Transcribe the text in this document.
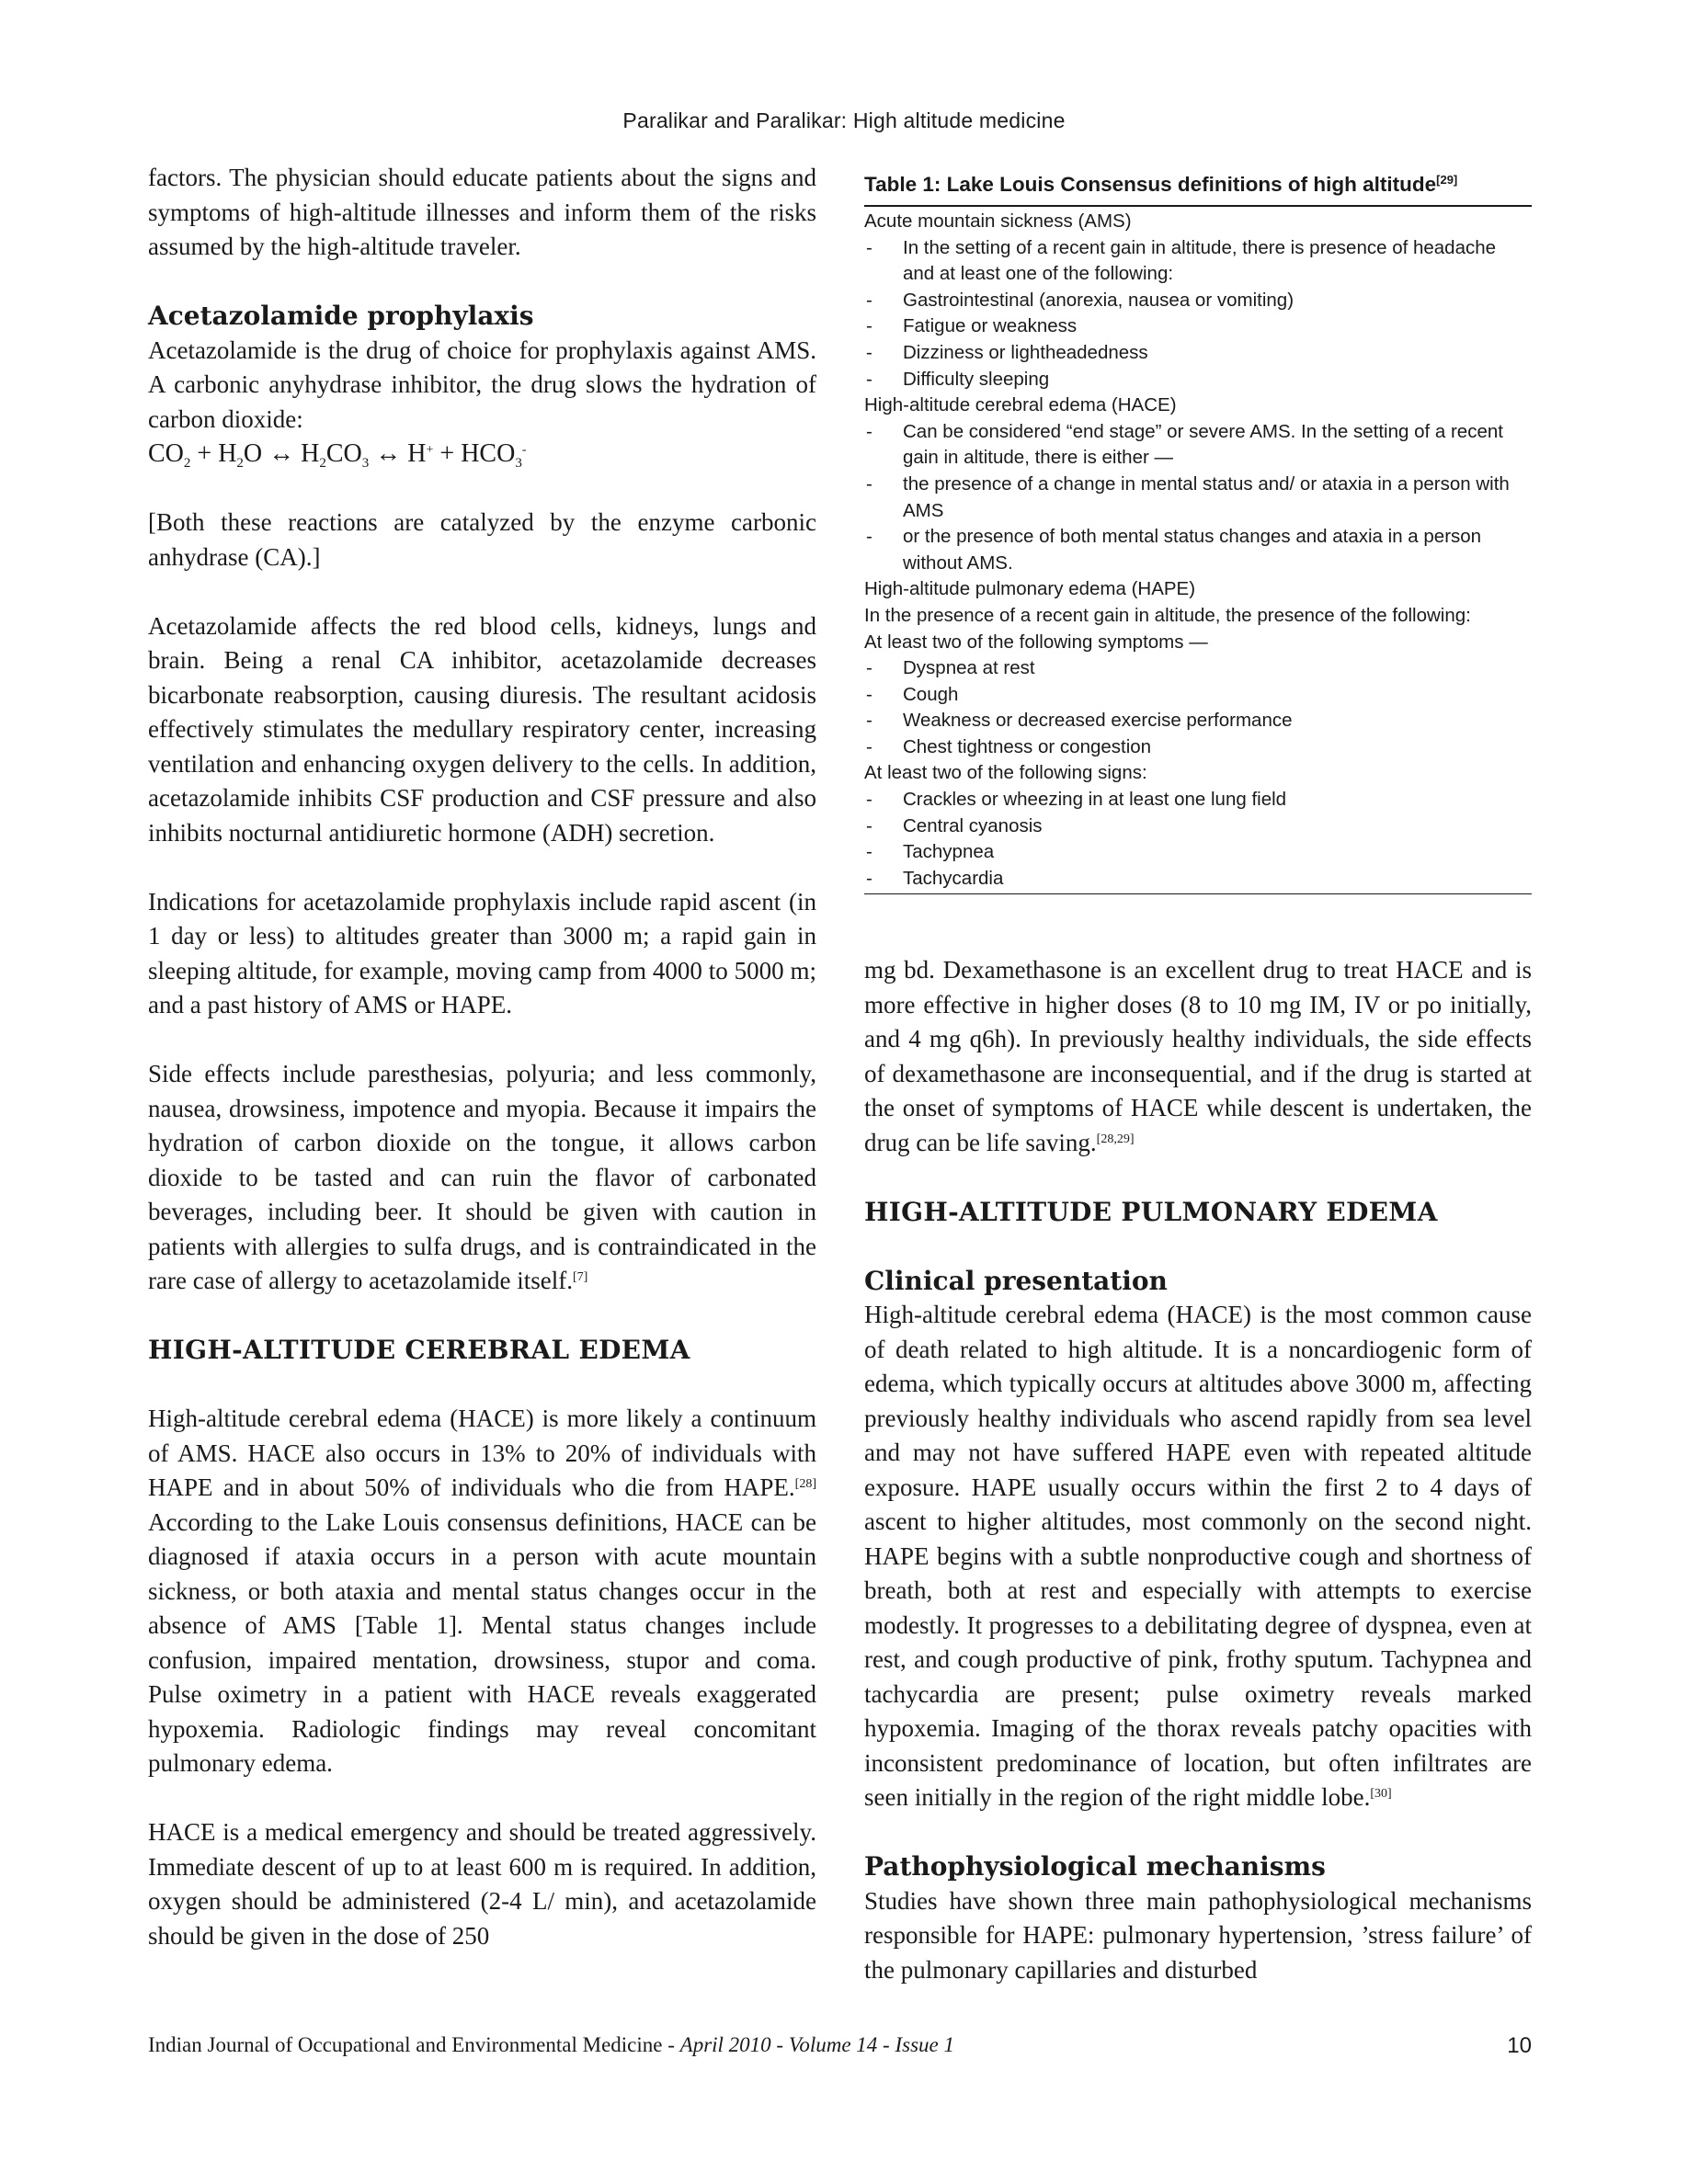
Paralikar and Paralikar: High altitude medicine

factors. The physician should educate patients about the signs and symptoms of high-altitude illnesses and inform them of the risks assumed by the high-altitude traveler.

Acetazolamide prophylaxis

Acetazolamide is the drug of choice for prophylaxis against AMS. A carbonic anyhydrase inhibitor, the drug slows the hydration of carbon dioxide:

$CO_2 + H_2O$ ↔ $H_2CO_3$ ↔ $H^+ + HCO_3^-$

[Both these reactions are catalyzed by the enzyme carbonic anhydrase (CA).]

Acetazolamide affects the red blood cells, kidneys, lungs and brain. Being a renal CA inhibitor, acetazolamide decreases bicarbonate reabsorption, causing diuresis. The resultant acidosis effectively stimulates the medullary respiratory center, increasing ventilation and enhancing oxygen delivery to the cells. In addition, acetazolamide inhibits CSF production and CSF pressure and also inhibits nocturnal antidiuretic hormone (ADH) secretion.

Indications for acetazolamide prophylaxis include rapid ascent (in 1 day or less) to altitudes greater than 3000 m; a rapid gain in sleeping altitude, for example, moving camp from 4000 to 5000 m; and a past history of AMS or HAPE.

Side effects include paresthesias, polyuria; and less commonly, nausea, drowsiness, impotence and myopia. Because it impairs the hydration of carbon dioxide on the tongue, it allows carbon dioxide to be tasted and can ruin the flavor of carbonated beverages, including beer. It should be given with caution in patients with allergies to sulfa drugs, and is contraindicated in the rare case of allergy to acetazolamide itself.[7]

HIGH-ALTITUDE CEREBRAL EDEMA

High-altitude cerebral edema (HACE) is more likely a continuum of AMS. HACE also occurs in 13% to 20% of individuals with HAPE and in about 50% of individuals who die from HAPE.[28] According to the Lake Louis consensus definitions, HACE can be diagnosed if ataxia occurs in a person with acute mountain sickness, or both ataxia and mental status changes occur in the absence of AMS [Table 1]. Mental status changes include confusion, impaired mentation, drowsiness, stupor and coma. Pulse oximetry in a patient with HACE reveals exaggerated hypoxemia. Radiologic findings may reveal concomitant pulmonary edema.

HACE is a medical emergency and should be treated aggressively. Immediate descent of up to at least 600 m is required. In addition, oxygen should be administered (2-4 L/ min), and acetazolamide should be given in the dose of 250

Table 1: Lake Louis Consensus definitions of high altitude[29]
Acute mountain sickness (AMS)
- In the setting of a recent gain in altitude, there is presence of headache and at least one of the following:
- Gastrointestinal (anorexia, nausea or vomiting)
- Fatigue or weakness
- Dizziness or lightheadedness
- Difficulty sleeping
High-altitude cerebral edema (HACE)
- Can be considered “end stage” or severe AMS. In the setting of a recent gain in altitude, there is either —
- the presence of a change in mental status and/ or ataxia in a person with AMS
- or the presence of both mental status changes and ataxia in a person without AMS.
High-altitude pulmonary edema (HAPE)
In the presence of a recent gain in altitude, the presence of the following:
At least two of the following symptoms —
- Dyspnea at rest
- Cough
- Weakness or decreased exercise performance
- Chest tightness or congestion
At least two of the following signs:
- Crackles or wheezing in at least one lung field
- Central cyanosis
- Tachypnea
- Tachycardia

mg bd. Dexamethasone is an excellent drug to treat HACE and is more effective in higher doses (8 to 10 mg IM, IV or po initially, and 4 mg q6h). In previously healthy individuals, the side effects of dexamethasone are inconsequential, and if the drug is started at the onset of symptoms of HACE while descent is undertaken, the drug can be life saving.[28,29]

HIGH-ALTITUDE PULMONARY EDEMA
Clinical presentation

High-altitude cerebral edema (HACE) is the most common cause of death related to high altitude. It is a noncardiogenic form of edema, which typically occurs at altitudes above 3000 m, affecting previously healthy individuals who ascend rapidly from sea level and may not have suffered HAPE even with repeated altitude exposure. HAPE usually occurs within the first 2 to 4 days of ascent to higher altitudes, most commonly on the second night. HAPE begins with a subtle nonproductive cough and shortness of breath, both at rest and especially with attempts to exercise modestly. It progresses to a debilitating degree of dyspnea, even at rest, and cough productive of pink, frothy sputum. Tachypnea and tachycardia are present; pulse oximetry reveals marked hypoxemia. Imaging of the thorax reveals patchy opacities with inconsistent predominance of location, but often infiltrates are seen initially in the region of the right middle lobe.[30]

Pathophysiological mechanisms

Studies have shown three main pathophysiological mechanisms responsible for HAPE: pulmonary hypertension, ’stress failure’ of the pulmonary capillaries and disturbed

Indian Journal of Occupational and Environmental Medicine - April 2010 - Volume 14 - Issue 1	10
